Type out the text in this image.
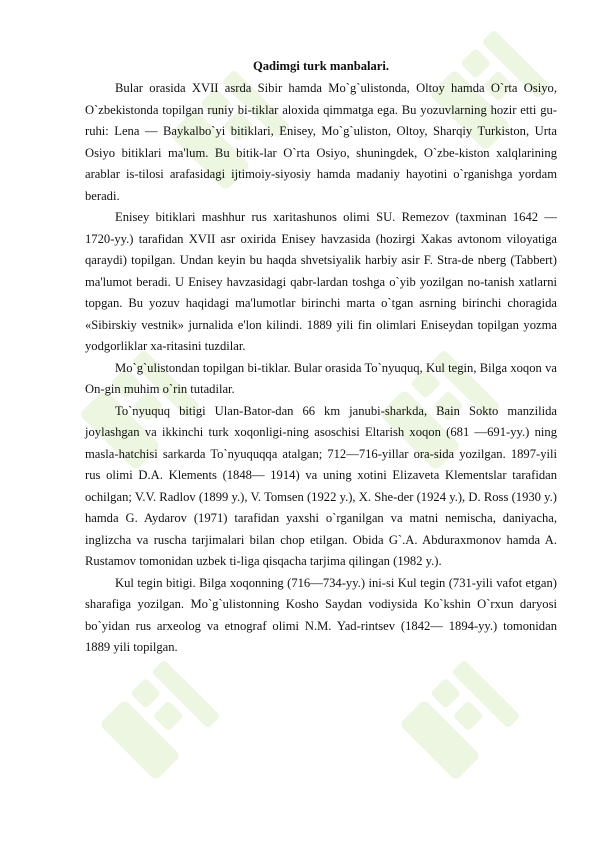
Qadimgi turk manbalari.

Bular orasida XVII asrda Sibir hamda Mo`g`ulistonda, Oltoy hamda O`rta Osiyo, O`zbekistonda topilgan runiy bi-tiklar aloxida qimmatga ega. Bu yozuvlarning hozir etti gu-ruhi: Lena — Baykalbo`yi bitiklari, Enisey, Mo`g`uliston, Oltoy, Sharqiy Turkiston, Urta Osiyo bitiklari ma'lum. Bu bitik-lar O`rta Osiyo, shuningdek, O`zbe-kiston xalqlarining arablar is-tilosi arafasidagi ijtimoiy-siyosiy hamda madaniy hayotini o`rganishga yordam beradi.

Enisey bitiklari mashhur rus xaritashunos olimi SU. Remezov (taxminan 1642 — 1720-yy.) tarafidan XVII asr oxirida Enisey havzasida (hozirgi Xakas avtonom viloyatiga qaraydi) topilgan. Undan keyin bu haqda shvetsiyalik harbiy asir F. Stra-de nberg (Tabbert) ma'lumot beradi. U Enisey havzasidagi qabr-lardan toshga o`yib yozilgan no-tanish xatlarni topgan. Bu yozuv haqidagi ma'lumotlar birinchi marta o`tgan asrning birinchi choragida «Sibirskiy vestnik» jurnalida e'lon kilindi. 1889 yili fin olimlari Eniseydan topilgan yozma yodgorliklar xa-ritasini tuzdilar.

Mo`g`ulistondan topilgan bi-tiklar. Bular orasida To`nyuquq, Kul tegin, Bilga xoqon va On-gin muhim o`rin tutadilar.

To`nyuquq bitigi Ulan-Bator-dan 66 km janubi-sharkda, Bain Sokto manzilida joylashgan va ikkinchi turk xoqonligi-ning asoschisi Eltarish xoqon (681 —691-yy.) ning masla-hatchisi sarkarda To`nyuquqqa atalgan; 712—716-yillar ora-sida yozilgan. 1897-yili rus olimi D.A. Klements (1848— 1914) va uning xotini Elizaveta Klementslar tarafidan ochilgan; V.V. Radlov (1899 y.), V. Tomsen (1922 y.), X. She-der (1924 y.), D. Ross (1930 y.) hamda G. Aydarov (1971) tarafidan yaxshi o`rganilgan va matni nemischa, daniyacha, inglizcha va ruscha tarjimalari bilan chop etilgan. Obida G`.A. Abduraxmonov hamda A. Rustamov tomonidan uzbek ti-liga qisqacha tarjima qilingan (1982 y.).

Kul tegin bitigi. Bilga xoqonning (716—734-yy.) ini-si Kul tegin (731-yili vafot etgan) sharafiga yozilgan. Mo`g`ulistonning Kosho Saydan vodiysida Ko`kshin O`rxun daryosi bo`yidan rus arxeolog va etnograf olimi N.M. Yad-rintsev (1842— 1894-yy.) tomonidan 1889 yili topilgan.
